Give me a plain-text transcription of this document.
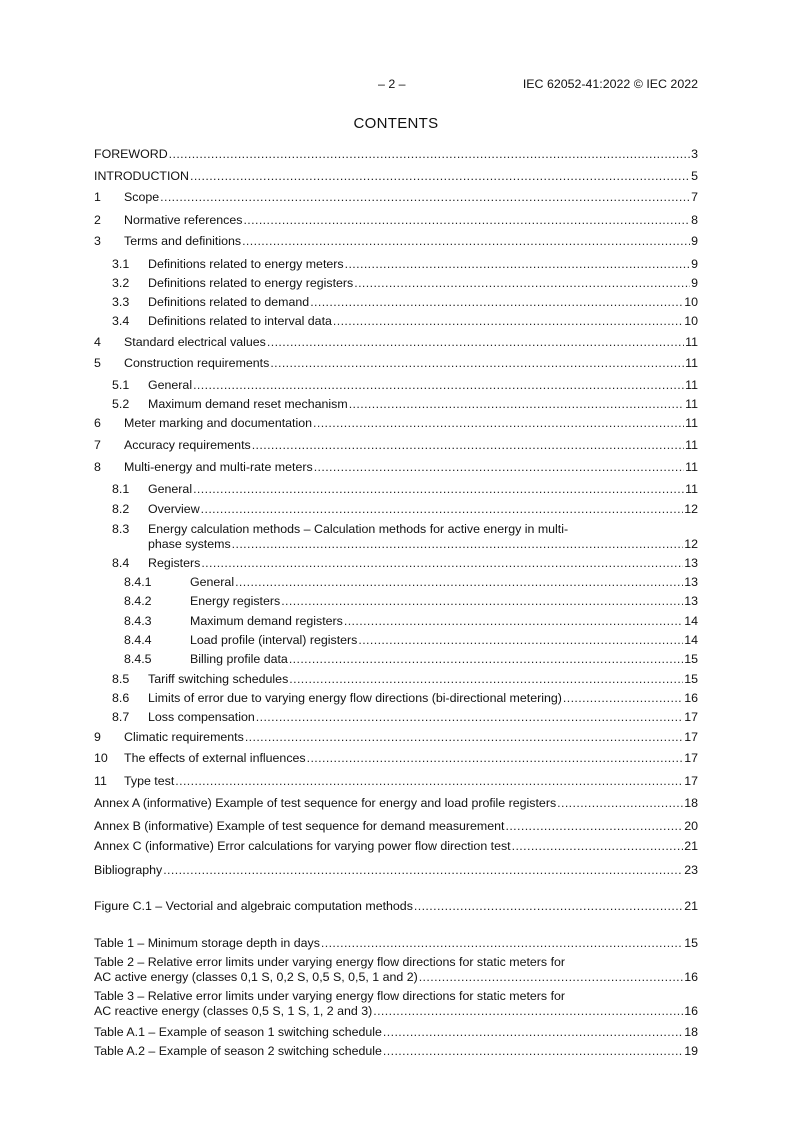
– 2 –	IEC 62052-41:2022 © IEC 2022
CONTENTS
FOREWORD .....	3
INTRODUCTION .....	5
1	Scope .....	7
2	Normative references .....	8
3	Terms and definitions .....	9
3.1	Definitions related to energy meters .....	9
3.2	Definitions related to energy registers .....	9
3.3	Definitions related to demand .....	10
3.4	Definitions related to interval data .....	10
4	Standard electrical values .....	11
5	Construction requirements .....	11
5.1	General .....	11
5.2	Maximum demand reset mechanism .....	11
6	Meter marking and documentation .....	11
7	Accuracy requirements .....	11
8	Multi-energy and multi-rate meters .....	11
8.1	General .....	11
8.2	Overview .....	12
8.3	Energy calculation methods – Calculation methods for active energy in multi-
phase systems .....	12
8.4	Registers .....	13
8.4.1	General .....	13
8.4.2	Energy registers .....	13
8.4.3	Maximum demand registers .....	14
8.4.4	Load profile (interval) registers .....	14
8.4.5	Billing profile data .....	15
8.5	Tariff switching schedules .....	15
8.6	Limits of error due to varying energy flow directions (bi-directional metering) .....	16
8.7	Loss compensation .....	17
9	Climatic requirements .....	17
10	The effects of external influences .....	17
11	Type test .....	17
Annex A (informative) Example of test sequence for energy and load profile registers .....	18
Annex B (informative) Example of test sequence for demand measurement .....	20
Annex C (informative) Error calculations for varying power flow direction test .....	21
Bibliography .....	23
Figure C.1 – Vectorial and algebraic computation methods .....	21
Table 1 – Minimum storage depth in days .....	15
Table 2 – Relative error limits under varying energy flow directions for static meters for
AC active energy (classes 0,1 S, 0,2 S, 0,5 S, 0,5, 1 and 2) .....	16
Table 3 – Relative error limits under varying energy flow directions for static meters for
AC reactive energy (classes 0,5 S, 1 S, 1, 2 and 3) .....	16
Table A.1 – Example of season 1 switching schedule .....	18
Table A.2 – Example of season 2 switching schedule .....	19
